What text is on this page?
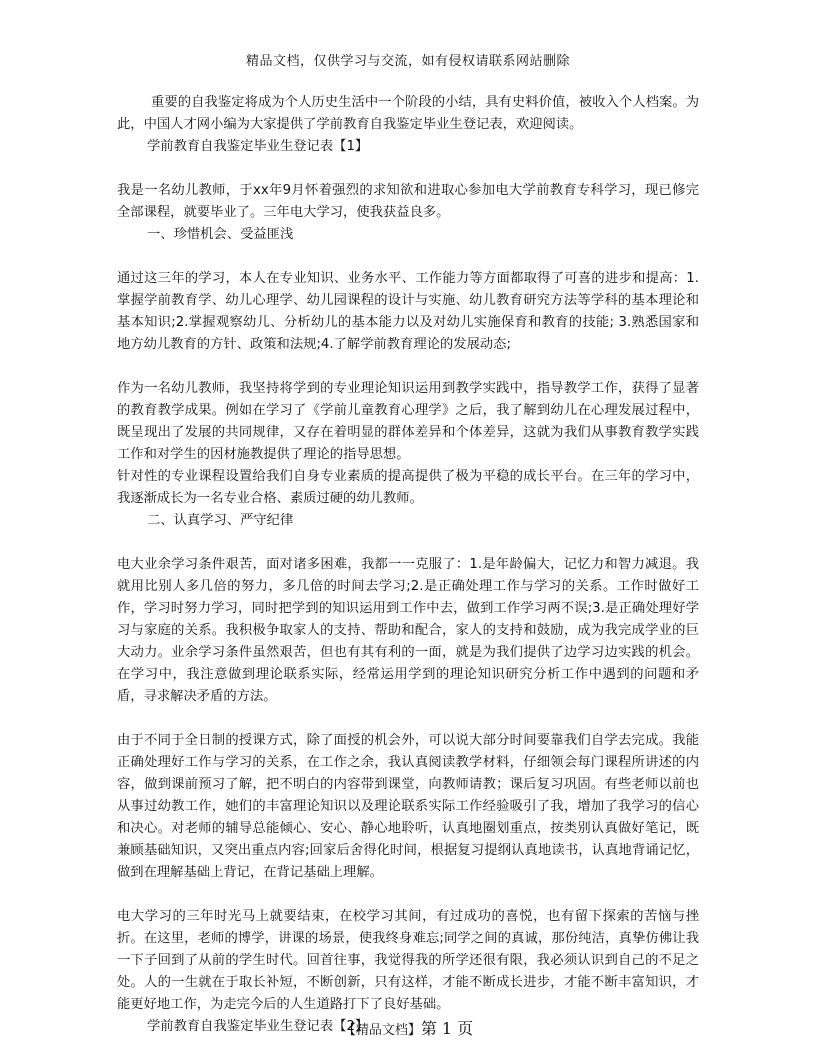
精品文档，仅供学习与交流，如有侵权请联系网站删除

重要的自我鉴定将成为个人历史生活中一个阶段的小结，具有史料价值，被收入个人档案。为此，中国人才网小编为大家提供了学前教育自我鉴定毕业生登记表，欢迎阅读。

学前教育自我鉴定毕业生登记表【1】

我是一名幼儿教师，于xx年9月怀着强烈的求知欲和进取心参加电大学前教育专科学习，现已修完全部课程，就要毕业了。三年电大学习，使我获益良多。

一、珍惜机会、受益匪浅

通过这三年的学习，本人在专业知识、业务水平、工作能力等方面都取得了可喜的进步和提高：1.掌握学前教育学、幼儿心理学、幼儿园课程的设计与实施、幼儿教育研究方法等学科的基本理论和基本知识;2.掌握观察幼儿、分析幼儿的基本能力以及对幼儿实施保育和教育的技能; 3.熟悉国家和地方幼儿教育的方针、政策和法规;4.了解学前教育理论的发展动态;

作为一名幼儿教师，我坚持将学到的专业理论知识运用到教学实践中，指导教学工作，获得了显著的教育教学成果。例如在学习了《学前儿童教育心理学》之后，我了解到幼儿在心理发展过程中，既呈现出了发展的共同规律，又存在着明显的群体差异和个体差异，这就为我们从事教育教学实践工作和对学生的因材施教提供了理论的指导思想。

针对性的专业课程设置给我们自身专业素质的提高提供了极为平稳的成长平台。在三年的学习中，我逐渐成长为一名专业合格、素质过硬的幼儿教师。

二、认真学习、严守纪律

电大业余学习条件艰苦，面对诸多困难，我都一一克服了：1.是年龄偏大，记忆力和智力减退。我就用比别人多几倍的努力，多几倍的时间去学习;2.是正确处理工作与学习的关系。工作时做好工作，学习时努力学习，同时把学到的知识运用到工作中去，做到工作学习两不误;3.是正确处理好学习与家庭的关系。我积极争取家人的支持、帮助和配合，家人的支持和鼓励，成为我完成学业的巨大动力。业余学习条件虽然艰苦，但也有其有利的一面，就是为我们提供了边学习边实践的机会。在学习中，我注意做到理论联系实际，经常运用学到的理论知识研究分析工作中遇到的问题和矛盾，寻求解决矛盾的方法。

由于不同于全日制的授课方式，除了面授的机会外，可以说大部分时间要靠我们自学去完成。我能正确处理好工作与学习的关系，在工作之余，我认真阅读教学材料，仔细领会每门课程所讲述的内容，做到课前预习了解，把不明白的内容带到课堂，向教师请教；课后复习巩固。有些老师以前也从事过幼教工作，她们的丰富理论知识以及理论联系实际工作经验吸引了我，增加了我学习的信心和决心。对老师的辅导总能倾心、安心、静心地聆听，认真地圈划重点，按类别认真做好笔记，既兼顾基础知识，又突出重点内容;回家后舍得化时间，根据复习提纲认真地读书，认真地背诵记忆，做到在理解基础上背记，在背记基础上理解。

电大学习的三年时光马上就要结束，在校学习其间，有过成功的喜悦，也有留下探索的苦恼与挫折。在这里，老师的博学，讲课的场景，使我终身难忘;同学之间的真诚，那份纯洁，真挚仿佛让我一下子回到了从前的学生时代。回首往事，我觉得我的所学还很有限，我必须认识到自己的不足之处。人的一生就在于取长补短，不断创新，只有这样，才能不断成长进步，才能不断丰富知识，才能更好地工作，为走完今后的人生道路打下了良好基础。

学前教育自我鉴定毕业生登记表【2】

【精品文档】第 1 页
